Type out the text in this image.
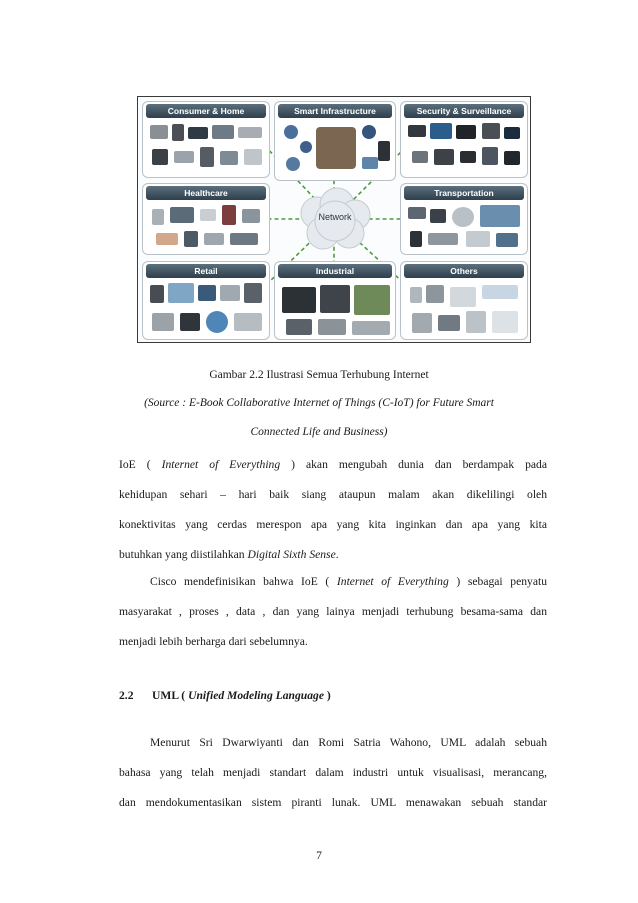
Consumer & Home	Smart Infrastructure	Security & Surveillance
Healthcare
Network
Transportation
Retail	Industrial	Others
Gambar 2.2 Ilustrasi Semua Terhubung Internet
(Source : E-Book Collaborative Internet of Things (C-IoT) for Future Smart
Connected Life and Business)

IoE ( Internet of Everything ) akan mengubah dunia dan berdampak pada
kehidupan sehari – hari baik siang ataupun malam akan dikelilingi oleh
konektivitas yang cerdas merespon apa yang kita inginkan dan apa yang kita
butuhkan yang diistilahkan Digital Sixth Sense.

Cisco mendefinisikan bahwa IoE ( Internet of Everything ) sebagai penyatu
masyarakat , proses , data , dan yang lainya menjadi terhubung besama-sama dan
menjadi lebih berharga dari sebelumnya.

2.2 UML ( Unified Modeling Language )

Menurut Sri Dwarwiyanti dan Romi Satria Wahono, UML adalah sebuah
bahasa yang telah menjadi standart dalam industri untuk visualisasi, merancang,
dan mendokumentasikan sistem piranti lunak. UML menawakan sebuah standar

7
